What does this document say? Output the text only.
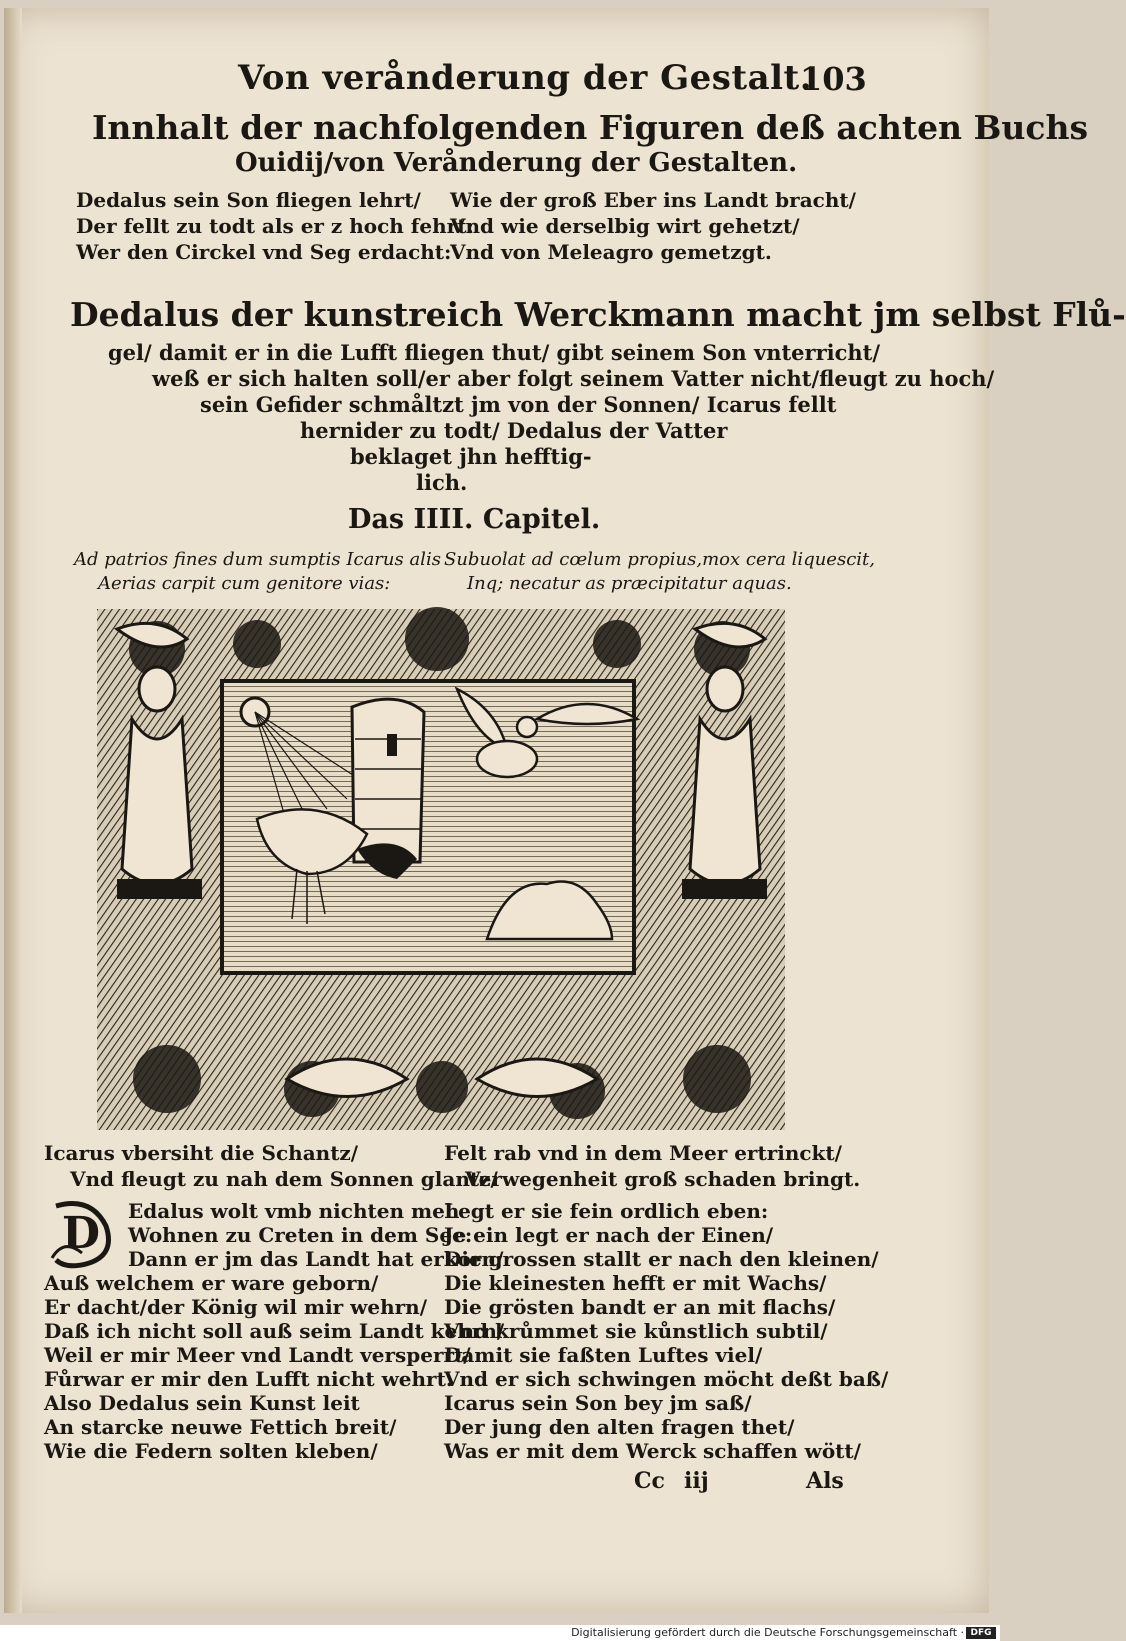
Von verånderung der Gestalt.
103
Innhalt der nachfolgenden Figuren deß achten Buchs
Ouidij/von Verånderung der Gestalten.
Dedalus sein Son fliegen lehrt/
Der fellt zu todt als er z hoch fehrt:
Wer den Circkel vnd Seg erdacht:
Wie der groß Eber ins Landt bracht/
Vnd wie derselbig wirt gehetzt/
Vnd von Meleagro gemetzgt.
Dedalus der kunstreich Werckmann macht jm selbst Flů-
gel/ damit er in die Lufft fliegen thut/ gibt seinem Son vnterricht/
weß er sich halten soll/er aber folgt seinem Vatter nicht/fleugt zu hoch/
sein Gefider schmåltzt jm von der Sonnen/ Icarus fellt
hernider zu todt/ Dedalus der Vatter
beklaget jhn hefftig-
lich.
Das IIII. Capitel.
Ad patrios fines dum sumptis Icarus alis
Aerias carpit cum genitore vias:
Subuolat ad cœlum propius,mox cera liquescit,
Inq; necatur as præcipitatur aquas.
Icarus vbersiht die Schantz/
Vnd fleugt zu nah dem Sonnen glantz/
Felt rab vnd in dem Meer ertrinckt/
Verwegenheit groß schaden bringt.
D Edalus wolt vmb nichten meh
Wohnen zu Creten in dem See:
Dann er jm das Landt hat erkorn/
Auß welchem er ware geborn/
Er dacht/der König wil mir wehrn/
Daß ich nicht soll auß seim Landt kehrn/
Weil er mir Meer vnd Landt versperrt/
Fůrwar er mir den Lufft nicht wehrt.
Also Dedalus sein Kunst leit
An starcke neuwe Fettich breit/
Wie die Federn solten kleben/
Legt er sie fein ordlich eben:
Je ein legt er nach der Einen/
Die grossen stallt er nach den kleinen/
Die kleinesten hefft er mit Wachs/
Die grösten bandt er an mit flachs/
Vnd krůmmet sie kůnstlich subtil/
Damit sie faßten Luftes viel/
Vnd er sich schwingen möcht deßt baß/
Icarus sein Son bey jm saß/
Der jung den alten fragen thet/
Was er mit dem Werck schaffen wött/
Cc iij	Als
Digitalisierung gefördert durch die Deutsche Forschungsgemeinschaft · DFG
